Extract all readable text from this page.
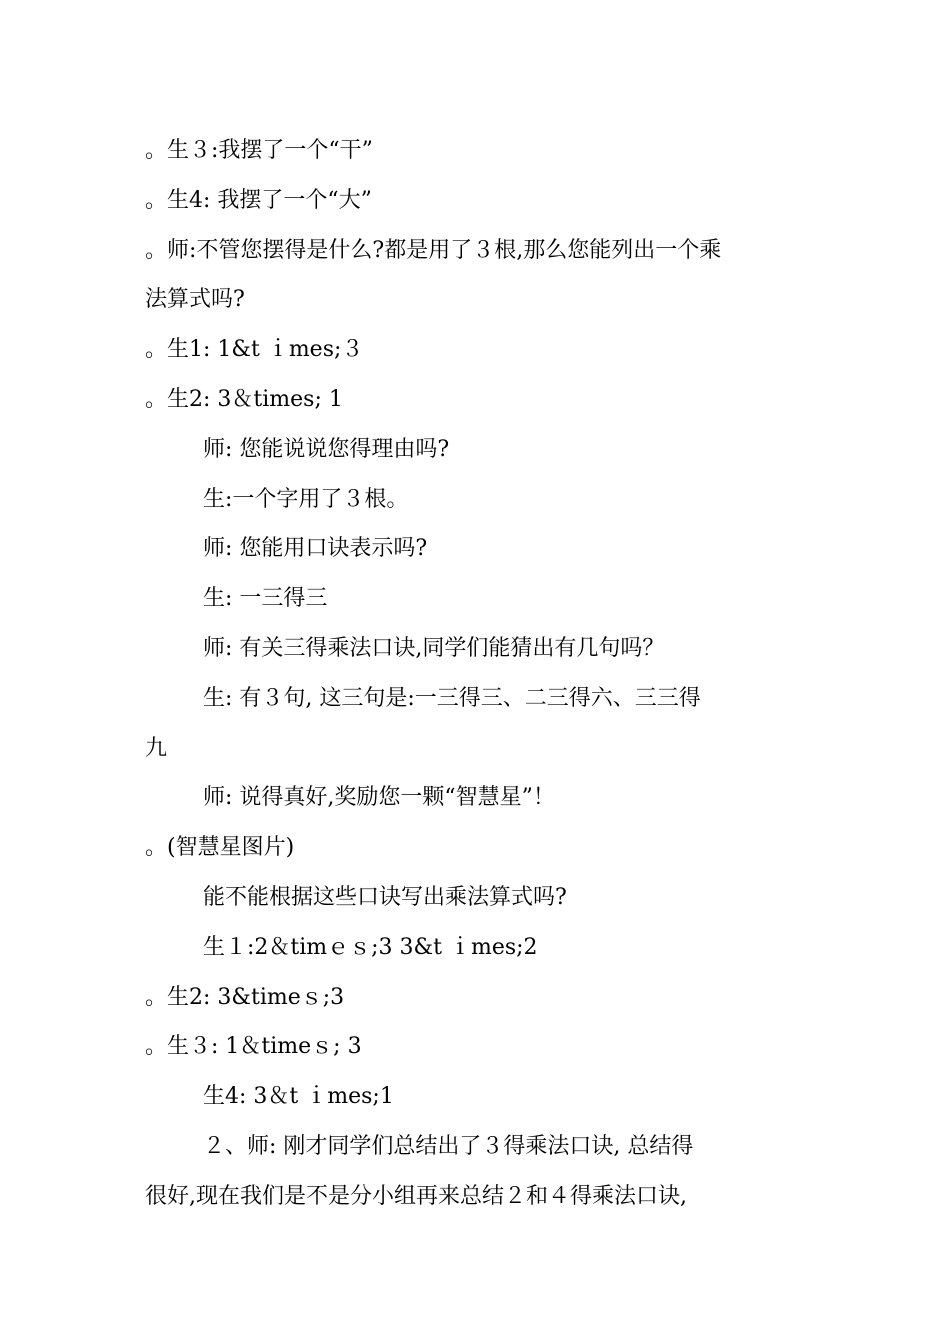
。生３:我摆了一个“干”
。生4: 我摆了一个“大”
。师:不管您摆得是什么?都是用了３根,那么您能列出一个乘
法算式吗?
。生1: 1&t ｉmes;３
。生2: 3＆times; 1
师: 您能说说您得理由吗?
生:一个字用了３根。
师: 您能用口诀表示吗?
生: 一三得三
师: 有关三得乘法口诀,同学们能猜出有几句吗？
生: 有３句, 这三句是:一三得三、二三得六、三三得
九
师: 说得真好,奖励您一颗“智慧星”！
。(智慧星图片)
能不能根据这些口诀写出乘法算式吗?
生１:2＆timｅｓ;3 3&t ｉmes;2
。生2: 3&timeｓ;3
。生３: 1＆timeｓ; 3
生4: 3＆t ｉmes;1
２、师: 刚才同学们总结出了３得乘法口诀, 总结得
很好,现在我们是不是分小组再来总结２和４得乘法口诀,
